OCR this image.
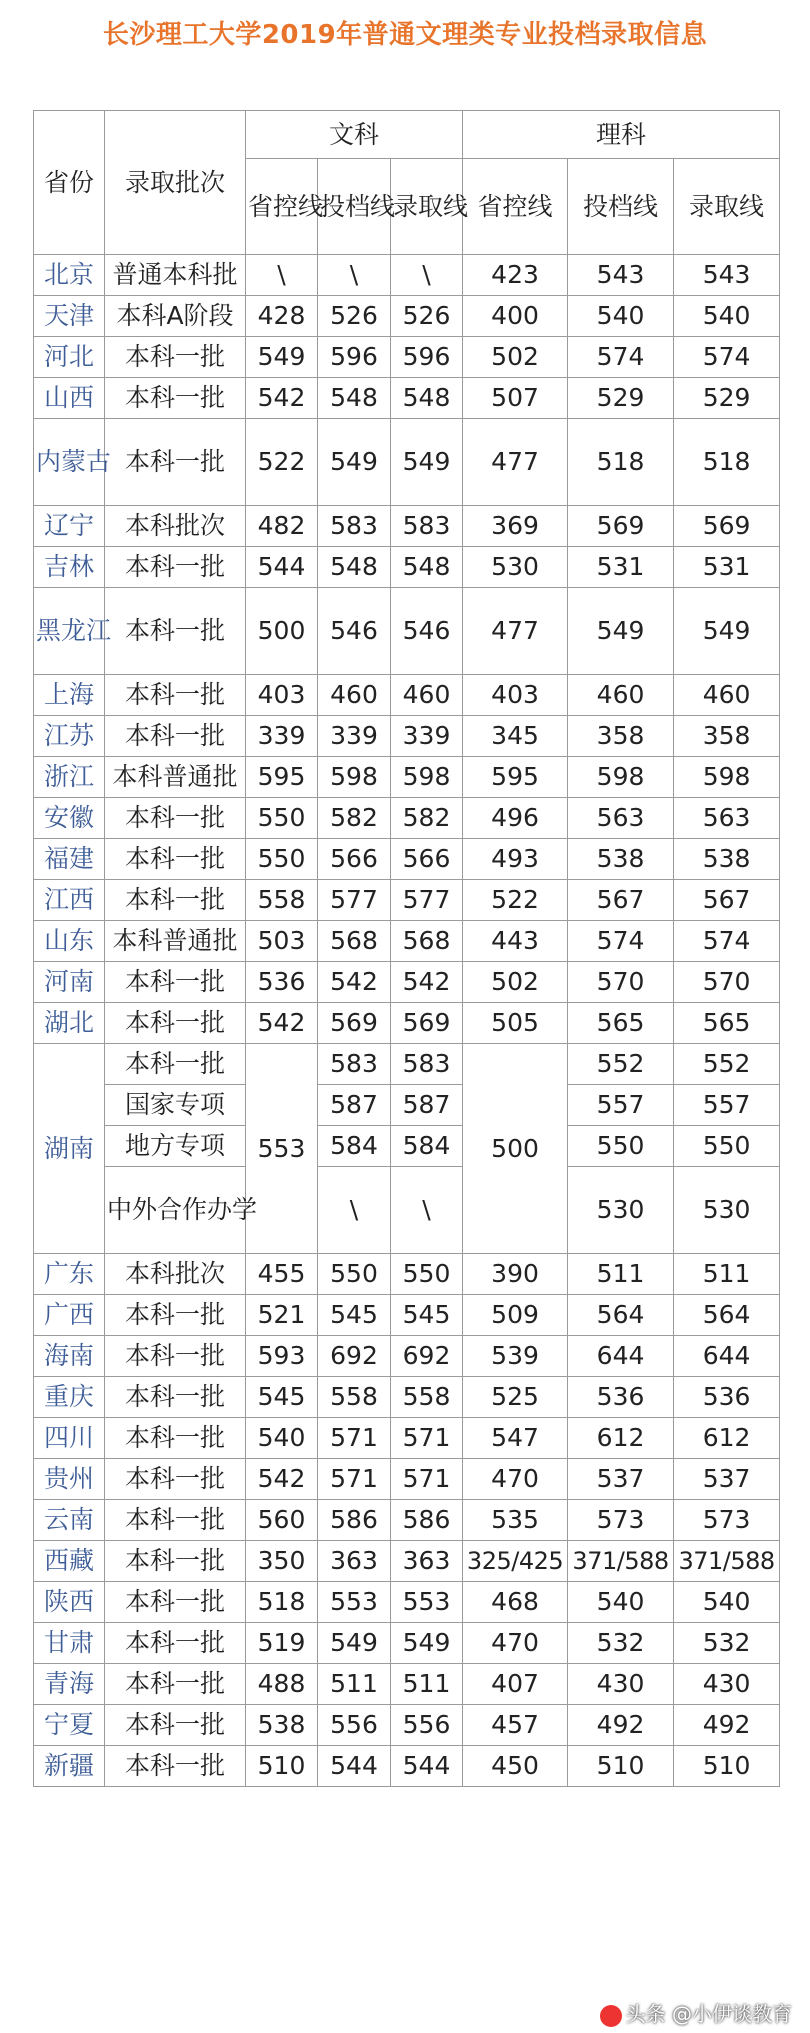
长沙理工大学2019年普通文理类专业投档录取信息
省份	录取批次	文科			理科		
		省控线	投档线	录取线	省控线	投档线	录取线
北京	普通本科批	\	\	\	423	543	543
天津	本科A阶段	428	526	526	400	540	540
河北	本科一批	549	596	596	502	574	574
山西	本科一批	542	548	548	507	529	529
内蒙古	本科一批	522	549	549	477	518	518
辽宁	本科批次	482	583	583	369	569	569
吉林	本科一批	544	548	548	530	531	531
黑龙江	本科一批	500	546	546	477	549	549
上海	本科一批	403	460	460	403	460	460
江苏	本科一批	339	339	339	345	358	358
浙江	本科普通批	595	598	598	595	598	598
安徽	本科一批	550	582	582	496	563	563
福建	本科一批	550	566	566	493	538	538
江西	本科一批	558	577	577	522	567	567
山东	本科普通批	503	568	568	443	574	574
河南	本科一批	536	542	542	502	570	570
湖北	本科一批	542	569	569	505	565	565
湖南	本科一批	553	583	583	500	552	552
	国家专项		587	587		557	557
	地方专项		584	584		550	550
	中外合作办学		\	\		530	530
广东	本科批次	455	550	550	390	511	511
广西	本科一批	521	545	545	509	564	564
海南	本科一批	593	692	692	539	644	644
重庆	本科一批	545	558	558	525	536	536
四川	本科一批	540	571	571	547	612	612
贵州	本科一批	542	571	571	470	537	537
云南	本科一批	560	586	586	535	573	573
西藏	本科一批	350	363	363	325/425	371/588	371/588
陕西	本科一批	518	553	553	468	540	540
甘肃	本科一批	519	549	549	470	532	532
青海	本科一批	488	511	511	407	430	430
宁夏	本科一批	538	556	556	457	492	492
新疆	本科一批	510	544	544	450	510	510
头条 @小伊谈教育
